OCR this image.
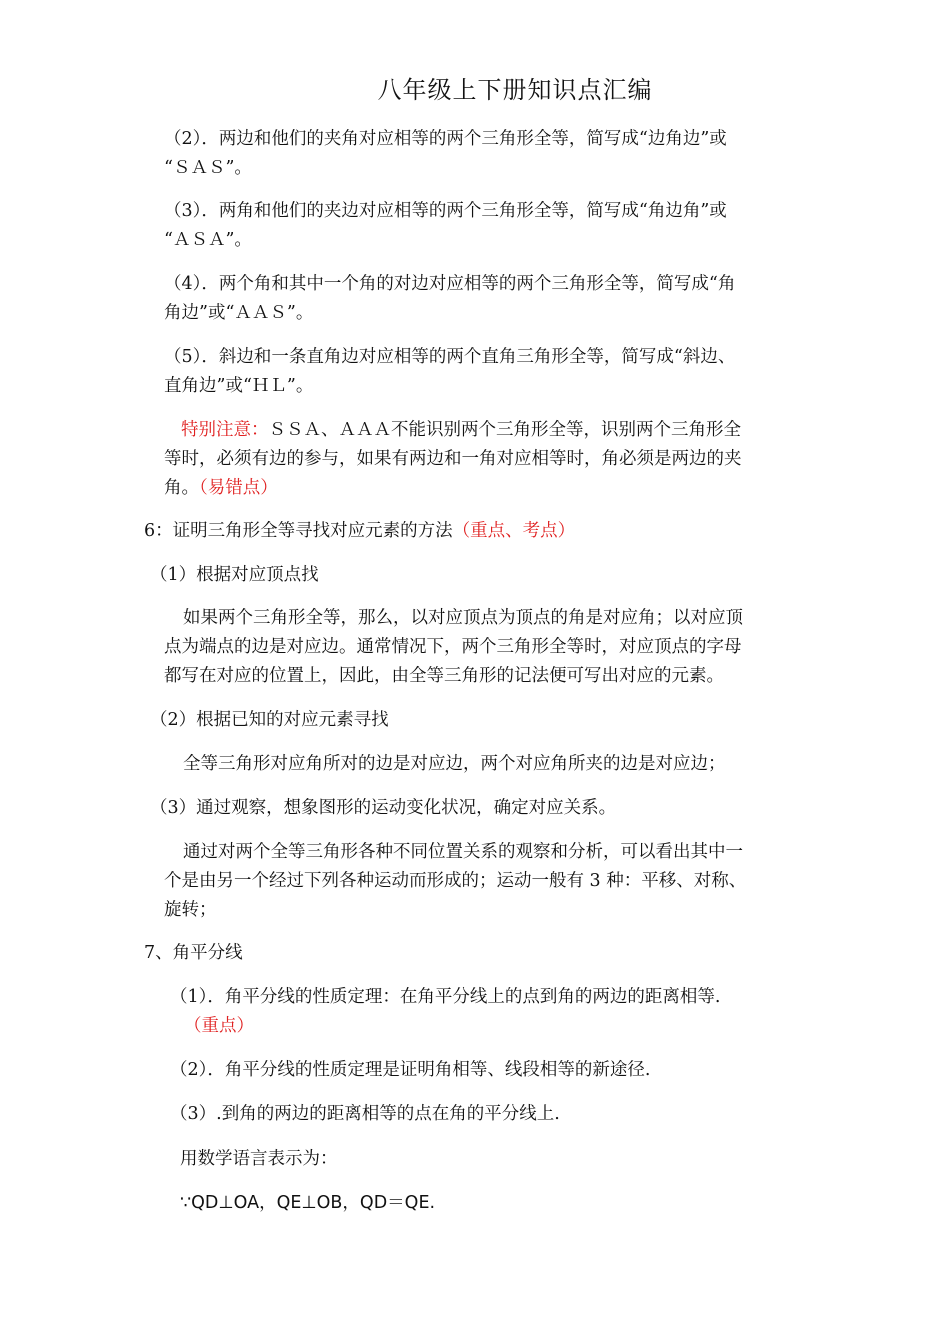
八年级上下册知识点汇编
（2）．两边和他们的夹角对应相等的两个三角形全等，简写成“边角边”或
“ＳＡＳ”。
（3）．两角和他们的夹边对应相等的两个三角形全等，简写成“角边角”或
“ＡＳＡ”。
（4）．两个角和其中一个角的对边对应相等的两个三角形全等，简写成“角
角边”或“ＡＡＳ”。
（5）．斜边和一条直角边对应相等的两个直角三角形全等，简写成“斜边、
直角边”或“ＨＬ”。
特别注意：ＳＳＡ、ＡＡＡ不能识别两个三角形全等，识别两个三角形全
等时，必须有边的参与，如果有两边和一角对应相等时，角必须是两边的夹
角。（易错点）
6：证明三角形全等寻找对应元素的方法（重点、考点）
（1）根据对应顶点找
如果两个三角形全等，那么，以对应顶点为顶点的角是对应角；以对应顶
点为端点的边是对应边。通常情况下，两个三角形全等时，对应顶点的字母
都写在对应的位置上，因此，由全等三角形的记法便可写出对应的元素。
（2）根据已知的对应元素寻找
全等三角形对应角所对的边是对应边，两个对应角所夹的边是对应边；
（3）通过观察，想象图形的运动变化状况，确定对应关系。
通过对两个全等三角形各种不同位置关系的观察和分析，可以看出其中一
个是由另一个经过下列各种运动而形成的；运动一般有 3 种：平移、对称、
旋转；
7、角平分线
（1）．角平分线的性质定理：在角平分线上的点到角的两边的距离相等.
（重点）
（2）．角平分线的性质定理是证明角相等、线段相等的新途径.
（3）.到角的两边的距离相等的点在角的平分线上.
用数学语言表示为：
∵QD⊥OA，QE⊥OB，QD＝QE.
